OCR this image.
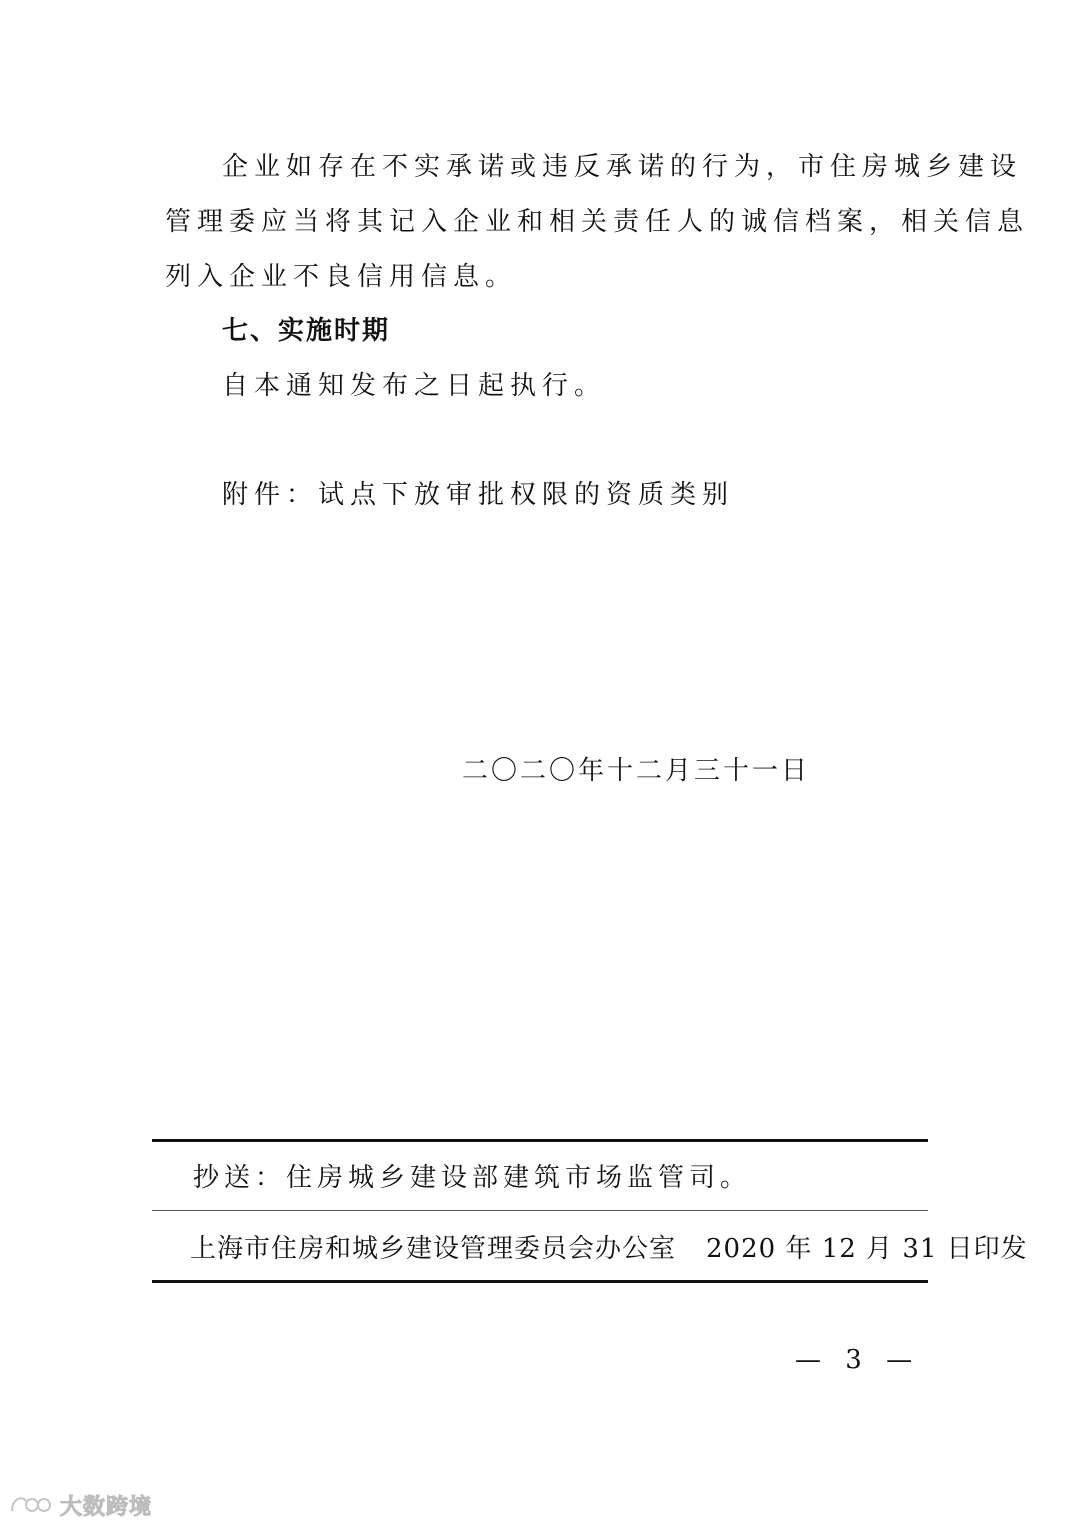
企业如存在不实承诺或违反承诺的行为，市住房城乡建设
管理委应当将其记入企业和相关责任人的诚信档案，相关信息
列入企业不良信用信息。
七、实施时期
自本通知发布之日起执行。
附件：试点下放审批权限的资质类别
二〇二〇年十二月三十一日
抄送：住房城乡建设部建筑市场监管司。
上海市住房和城乡建设管理委员会办公室 2020 年 12 月 31 日印发
— 3 —
大数跨境
